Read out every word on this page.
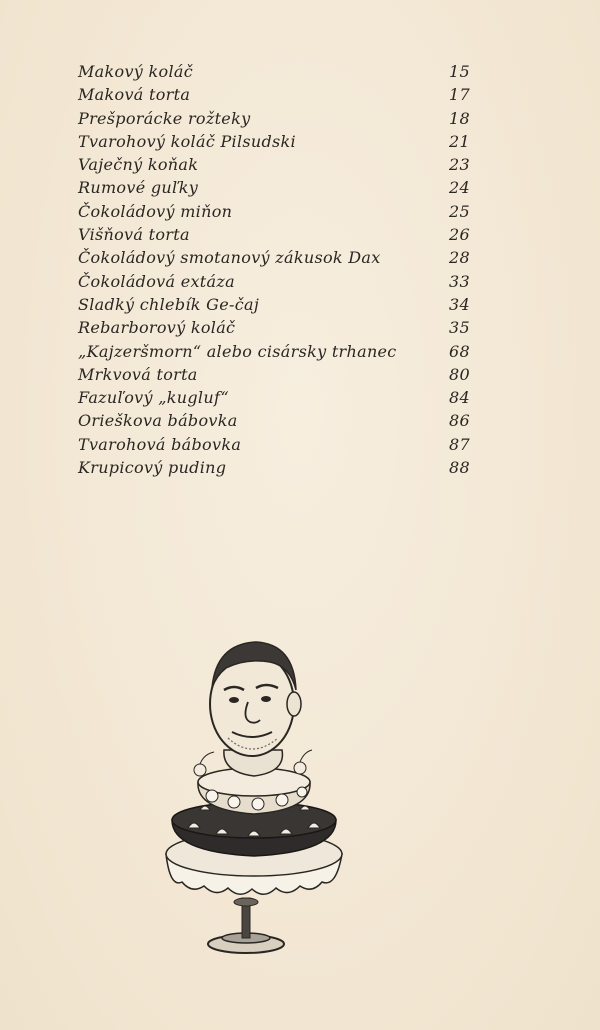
Makový koláč	15
Maková torta	17
Prešporácke rožteky	18
Tvarohový koláč Pilsudski	21
Vaječný koňak	23
Rumové guľky	24
Čokoládový miňon	25
Višňová torta	26
Čokoládový smotanový zákusok Dax	28
Čokoládová extáza	33
Sladký chlebík Ge-čaj	34
Rebarborový koláč	35
„Kajzeršmorn“ alebo cisársky trhanec	68
Mrkvová torta	80
Fazuľový „kugluf“	84
Orieškova bábovka	86
Tvarohová bábovka	87
Krupicový puding	88
